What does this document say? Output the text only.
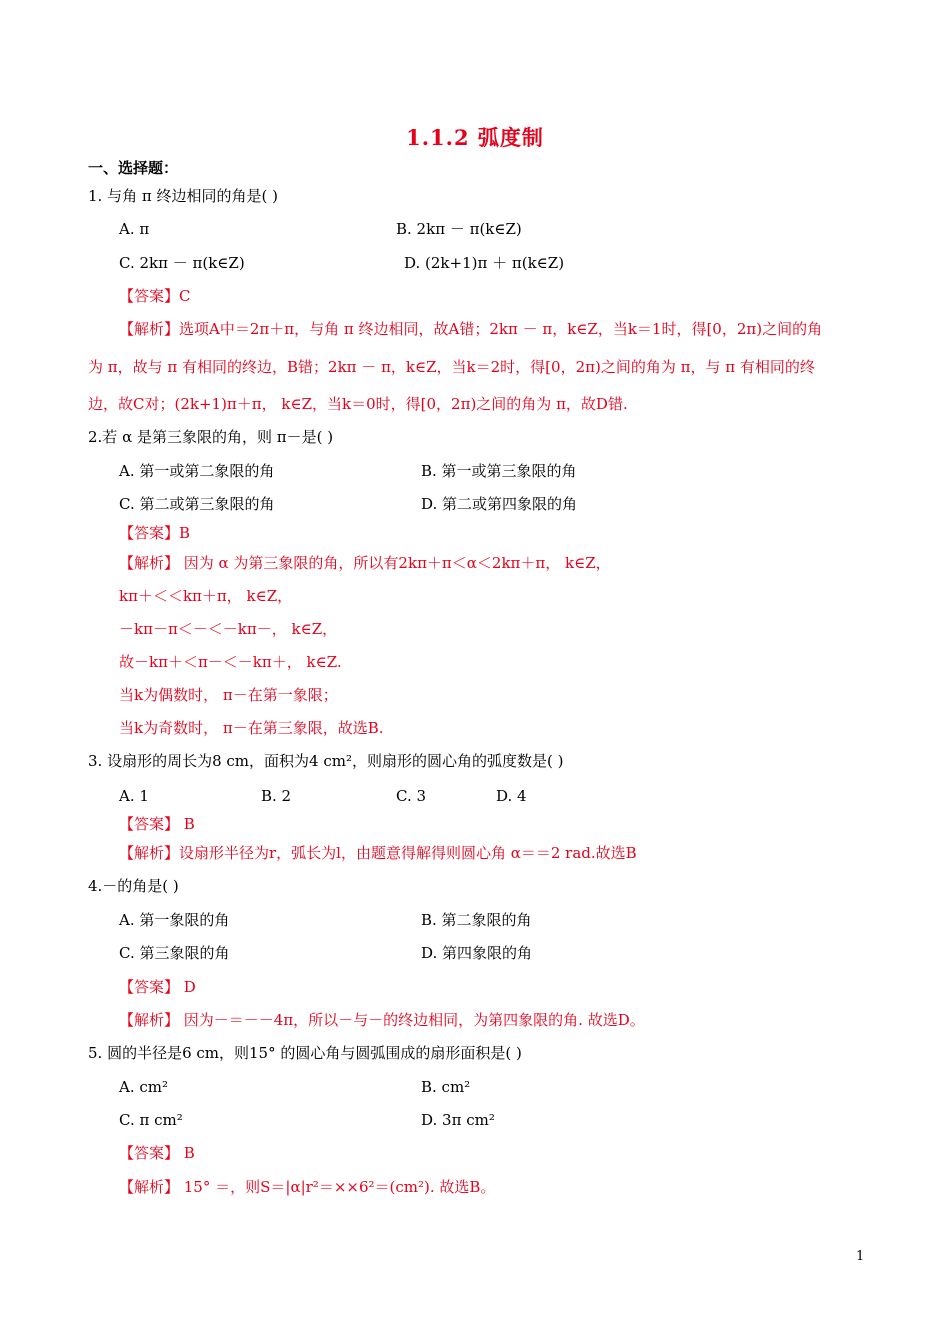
1.1.2 弧度制
一、选择题：
1. 与角 π 终边相同的角是( )
A. π	B. 2kπ － π(k∈Z)
C. 2kπ － π(k∈Z)	D. (2k+1)π ＋ π(k∈Z)
【答案】C
【解析】选项A中＝2π＋π，与角 π 终边相同，故A错；2kπ － π，k∈Z，当k＝1时，得[0，2π)之间的角
为 π，故与 π 有相同的终边，B错；2kπ － π，k∈Z，当k＝2时，得[0，2π)之间的角为 π，与 π 有相同的终
边，故C对；(2k+1)π＋π， k∈Z，当k＝0时，得[0，2π)之间的角为 π，故D错.
2.若 α 是第三象限的角，则 π－是( )
A. 第一或第二象限的角	B. 第一或第三象限的角
C. 第二或第三象限的角	D. 第二或第四象限的角
【答案】B
【解析】 因为 α 为第三象限的角，所以有2kπ＋π＜α＜2kπ＋π， k∈Z，
kπ＋＜＜kπ＋π， k∈Z，
－kπ－π＜－＜－kπ－， k∈Z，
故－kπ＋＜π－＜－kπ＋， k∈Z.
当k为偶数时， π－在第一象限；
当k为奇数时， π－在第三象限，故选B.
3. 设扇形的周长为8 cm，面积为4 cm²，则扇形的圆心角的弧度数是( )
A. 1	B. 2	C. 3	D. 4
【答案】 B
【解析】设扇形半径为r，弧长为l，由题意得解得则圆心角 α＝＝2 rad.故选B
4.－的角是( )
A. 第一象限的角	B. 第二象限的角
C. 第三象限的角	D. 第四象限的角
【答案】 D
【解析】 因为－＝－－4π，所以－与－的终边相同，为第四象限的角. 故选D。
5. 圆的半径是6 cm，则15° 的圆心角与圆弧围成的扇形面积是( )
A. cm²	B. cm²
C. π cm²	D. 3π cm²
【答案】 B
【解析】 15° ＝，则S＝|α|r²＝××6²＝(cm²). 故选B。
1
